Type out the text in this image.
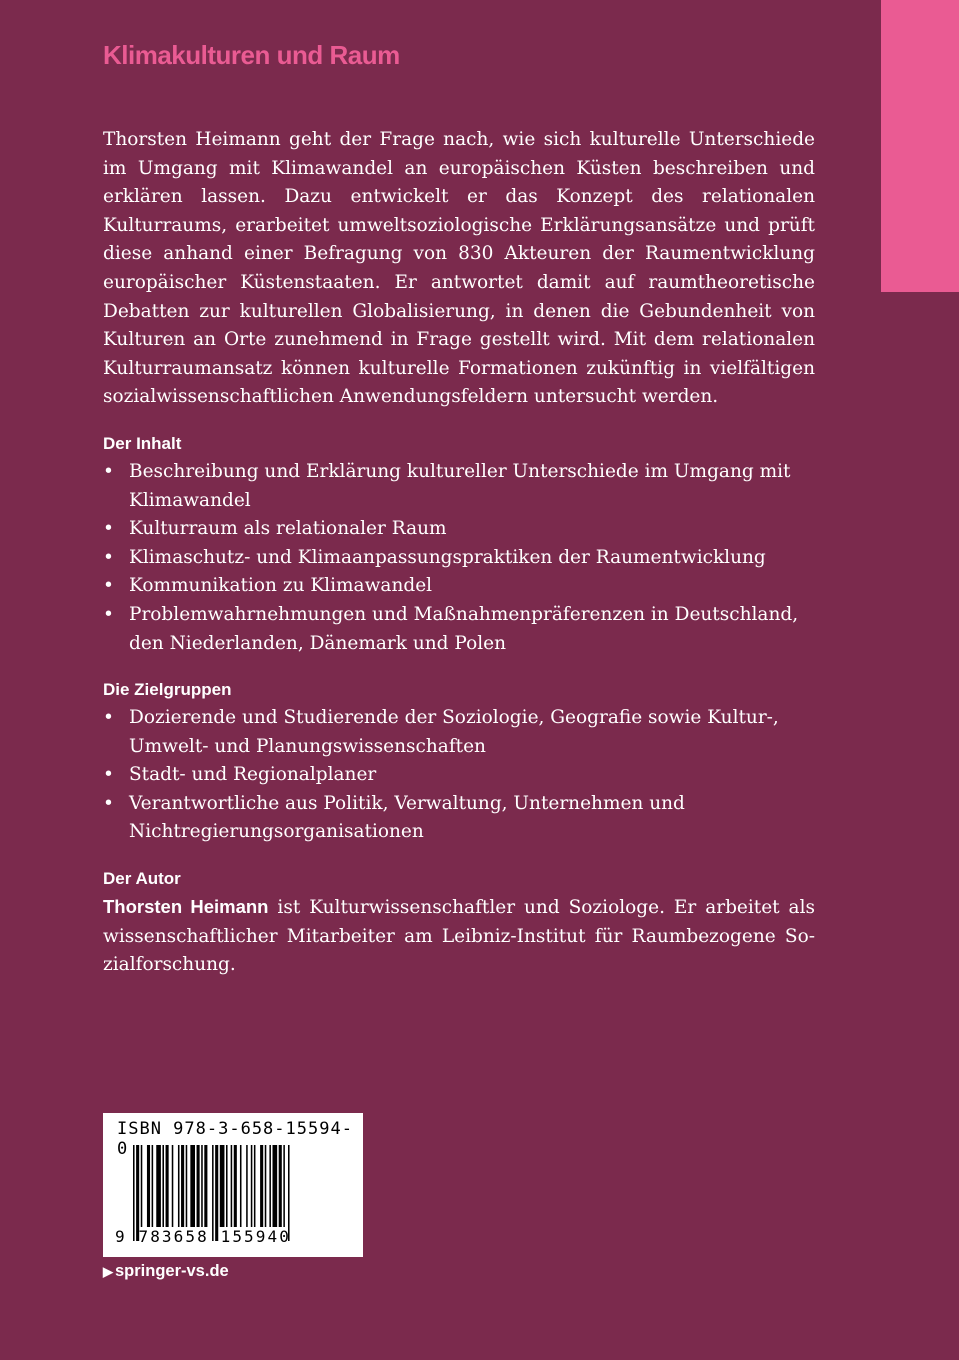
Klimakulturen und Raum

Thorsten Heimann geht der Frage nach, wie sich kulturelle Unterschiede im Umgang mit Klimawandel an europäischen Küsten beschreiben und erklären lassen. Dazu entwickelt er das Konzept des relationalen Kulturraums, erarbeitet umweltsoziologische Erklärungsansätze und prüft diese anhand einer Befragung von 830 Akteuren der Raumentwicklung europäischer Küstenstaaten. Er antwortet damit auf raumtheoretische Debatten zur kulturellen Globalisierung, in denen die Gebundenheit von Kulturen an Orte zunehmend in Frage gestellt wird. Mit dem relationalen Kulturraumansatz können kulturelle Formationen zukünftig in vielfältigen sozialwissenschaftlichen Anwendungsfeldern untersucht werden.

Der Inhalt
• Beschreibung und Erklärung kultureller Unterschiede im Umgang mit Klimawandel
• Kulturraum als relationaler Raum
• Klimaschutz- und Klimaanpassungspraktiken der Raumentwicklung
• Kommunikation zu Klimawandel
• Problemwahrnehmungen und Maßnahmenpräferenzen in Deutschland, den Niederlanden, Dänemark und Polen
Die Zielgruppen
• Dozierende und Studierende der Soziologie, Geografie sowie Kultur-, Umwelt- und Planungswissenschaften
• Stadt- und Regionalplaner
• Verantwortliche aus Politik, Verwaltung, Unternehmen und Nichtregierungsorganisationen
Der Autor

Thorsten Heimann ist Kulturwissenschaftler und Soziologe. Er arbeitet als wissenschaftlicher Mitarbeiter am Leibniz-Institut für Raumbezogene Sozialforschung.

ISBN 978-3-658-15594-0
9 783658 155940
▶ springer-vs.de
